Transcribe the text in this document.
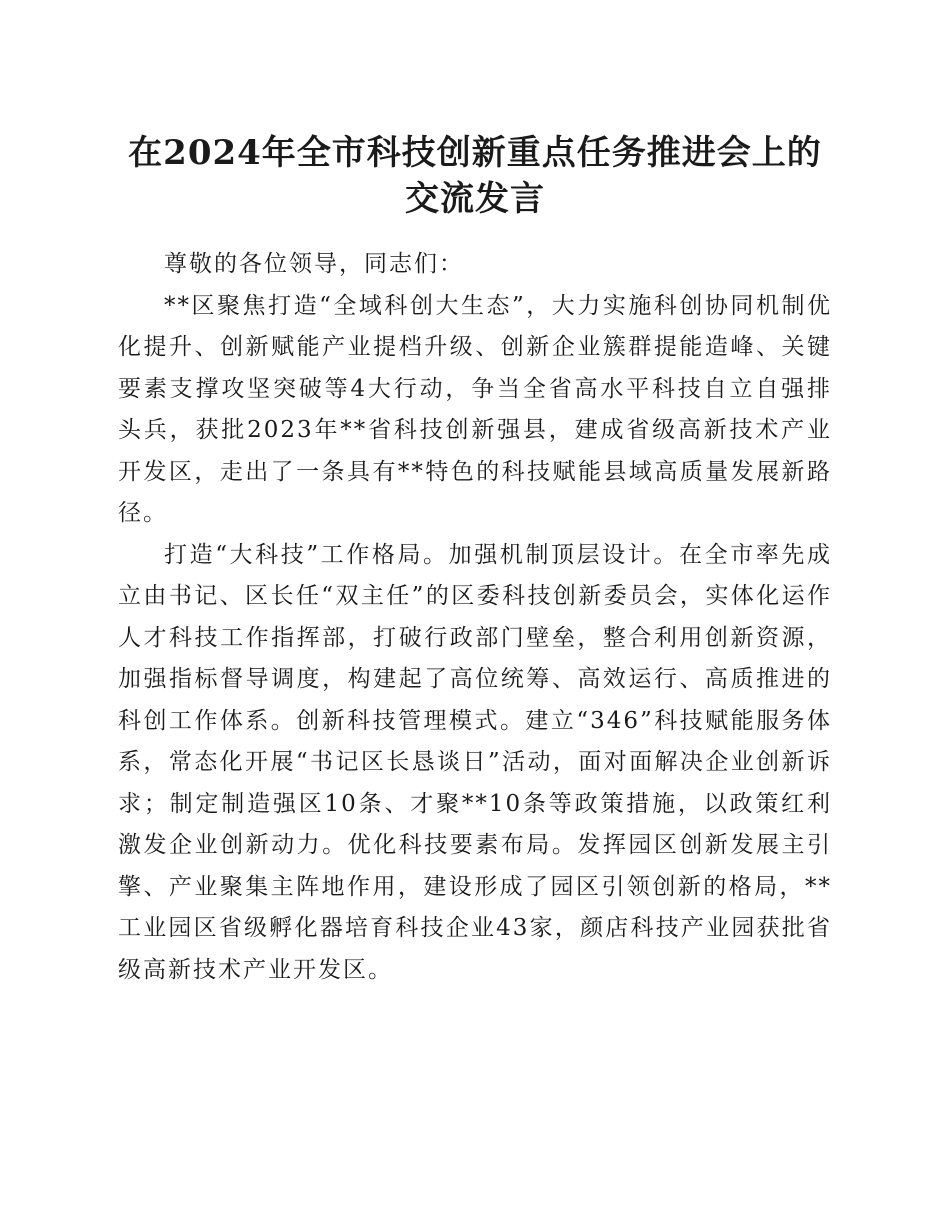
在2024年全市科技创新重点任务推进会上的交流发言

尊敬的各位领导，同志们：

**区聚焦打造“全域科创大生态”，大力实施科创协同机制优化提升、创新赋能产业提档升级、创新企业簇群提能造峰、关键要素支撑攻坚突破等4大行动，争当全省高水平科技自立自强排头兵，获批2023年**省科技创新强县，建成省级高新技术产业开发区，走出了一条具有**特色的科技赋能县域高质量发展新路径。

打造“大科技”工作格局。加强机制顶层设计。在全市率先成立由书记、区长任“双主任”的区委科技创新委员会，实体化运作人才科技工作指挥部，打破行政部门壁垒，整合利用创新资源，加强指标督导调度，构建起了高位统筹、高效运行、高质推进的科创工作体系。创新科技管理模式。建立“346”科技赋能服务体系，常态化开展“书记区长恳谈日”活动，面对面解决企业创新诉求；制定制造强区10条、才聚**10条等政策措施，以政策红利激发企业创新动力。优化科技要素布局。发挥园区创新发展主引擎、产业聚集主阵地作用，建设形成了园区引领创新的格局，**工业园区省级孵化器培育科技企业43家，颜店科技产业园获批省级高新技术产业开发区。
